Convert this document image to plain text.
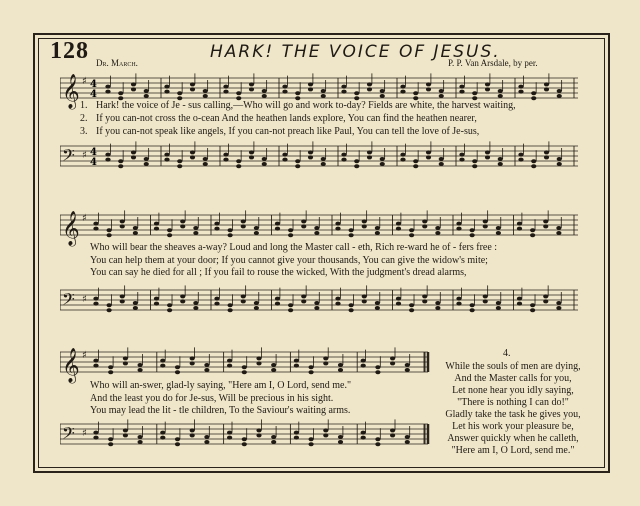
128	HARK! THE VOICE OF JESUS.
Dr. March.	P. P. Van Arsdale, by per.
𝄞 ♯ 4
4
1. Hark! the voice of Je - sus calling,—Who will go and work to-day? Fields are white, the harvest waiting,
2. If you can-not cross the o-cean And the heathen lands explore, You can find the heathen nearer,
3. If you can-not speak like angels, If you can-not preach like Paul, You can tell the love of Je-sus,
𝄢 ♯ 4
4
𝄞 ♯
Who will bear the sheaves a-way? Loud and long the Master call - eth, Rich re-ward he of - fers free :
You can help them at your door; If you cannot give your thousands, You can give the widow's mite;
You can say he died for all ; If you fail to rouse the wicked, With the judgment's dread alarms,
𝄢 ♯
𝄞 ♯
Who will an-swer, glad-ly saying, "Here am I, O Lord, send me."
And the least you do for Je-sus, Will be precious in his sight.
You may lead the lit - tle children, To the Saviour's waiting arms.
𝄢 ♯
4.
While the souls of men are dying,
And the Master calls for you,
Let none hear you idly saying,
"There is nothing I can do!"
Gladly take the task he gives you,
Let his work your pleasure be,
Answer quickly when he calleth,
"Here am I, O Lord, send me."
